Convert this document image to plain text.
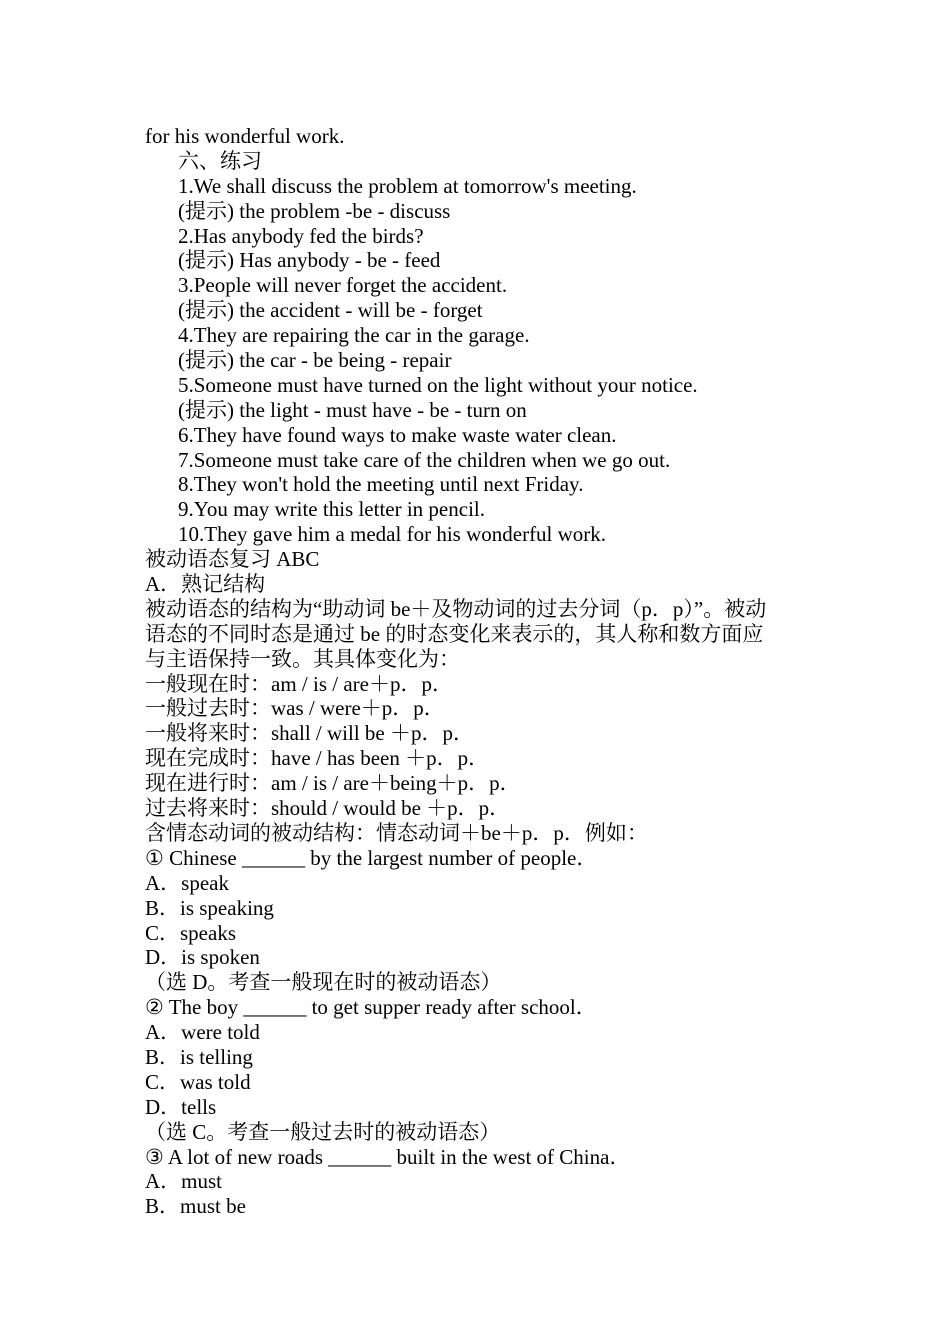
for his wonderful work.
六、练习
1.We shall discuss the problem at tomorrow's meeting.
(提示) the problem -be - discuss
2.Has anybody fed the birds?
(提示) Has anybody - be - feed
3.People will never forget the accident.
(提示) the accident - will be - forget
4.They are repairing the car in the garage.
(提示) the car - be being - repair
5.Someone must have turned on the light without your notice.
(提示) the light - must have - be - turn on
6.They have found ways to make waste water clean.
7.Someone must take care of the children when we go out.
8.They won't hold the meeting until next Friday.
9.You may write this letter in pencil.
10.They gave him a medal for his wonderful work.
被动语态复习 ABC
A．熟记结构
被动语态的结构为“助动词 be＋及物动词的过去分词（p．p）”。被动
语态的不同时态是通过 be 的时态变化来表示的，其人称和数方面应
与主语保持一致。其具体变化为：
一般现在时：am / is / are＋p．p．
一般过去时：was / were＋p．p．
一般将来时：shall / will be ＋p．p．
现在完成时：have / has been ＋p．p．
现在进行时：am / is / are＋being＋p．p．
过去将来时：should / would be ＋p．p．
含情态动词的被动结构：情态动词＋be＋p．p．例如：
① Chinese ______ by the largest number of people．
A．speak
B．is speaking
C．speaks
D．is spoken
（选 D。考查一般现在时的被动语态）
② The boy ______ to get supper ready after school．
A．were told
B．is telling
C．was told
D．tells
（选 C。考查一般过去时的被动语态）
③ A lot of new roads ______ built in the west of China．
A．must
B．must be
